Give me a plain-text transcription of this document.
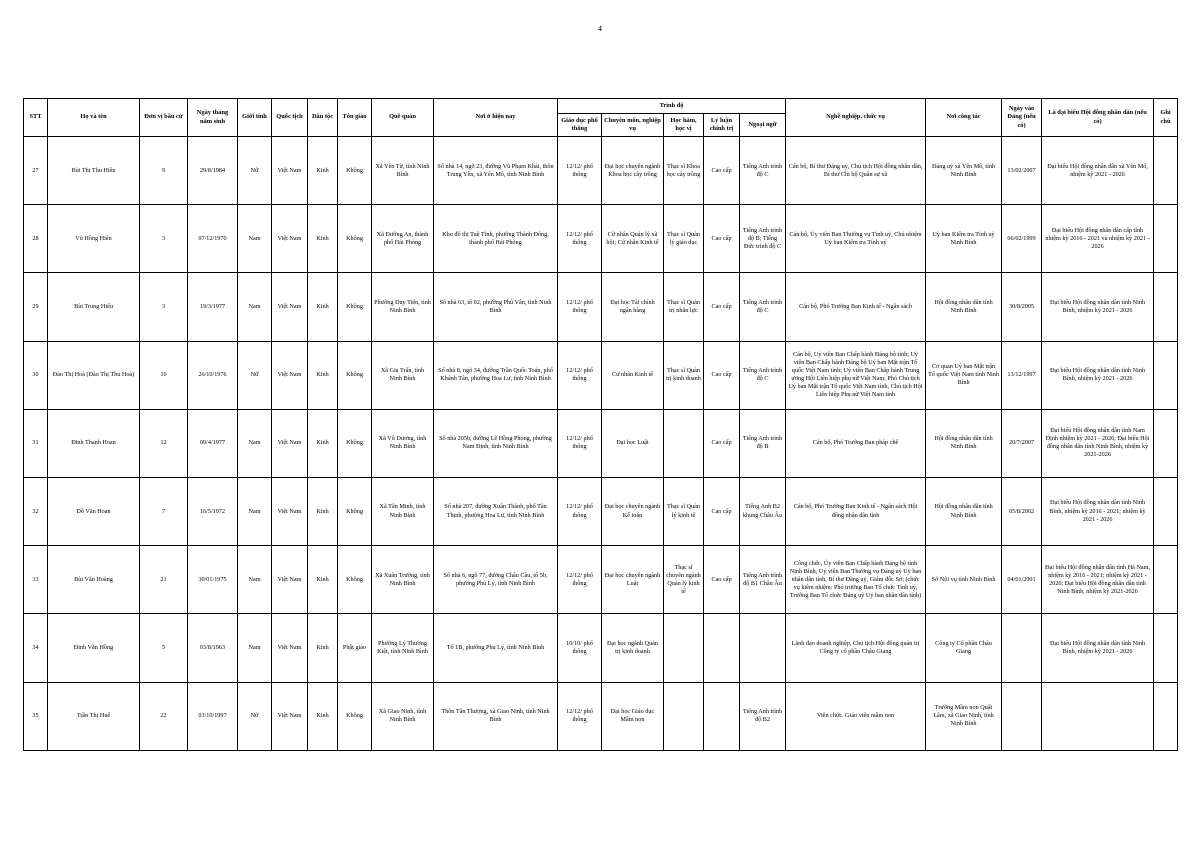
4
STT	Họ và tên	Đơn vị bầu cử	Ngày tháng năm sinh	Giới tính	Quốc tịch	Dân tộc	Tôn giáo	Quê quán	Nơi ở hiện nay	Trình độ					Nghề nghiệp, chức vụ	Nơi công tác	Ngày vào Đảng (nếu có)	Là đại biểu Hội đồng nhân dân (nếu có)	Ghi chú
										Giáo dục phổ thông	Chuyên môn, nghiệp vụ	Học hàm, học vị	Lý luận chính trị	Ngoại ngữ					
27	Bùi Thị Thu Hiền	9	29/8/1984	Nữ	Việt Nam	Kinh	Không	Xã Yên Từ, tỉnh Ninh Bình	Số nhà 14, ngõ 23, đường Vũ Phạm Khải, thôn Trung Yên, xã Yên Mô, tỉnh Ninh Bình	12/12/ phổ thông	Đại học chuyên ngành Khoa học cây trồng	Thạc sĩ Khoa học cây trồng	Cao cấp	Tiếng Anh trình độ C	Cán bộ, Bí thư Đảng uỷ, Chủ tịch Hội đồng nhân dân, Bí thư Chi bộ Quân sự xã	Đảng uỷ xã Yên Mô, tỉnh Ninh Bình	13/02/2007	Đại biểu Hội đồng nhân dân xã Yên Mô, nhiệm kỳ 2021 - 2026	
28	Vũ Hồng Hiên	3	07/12/1970	Nam	Việt Nam	Kinh	Không	Xã Đường An, thành phố Hải Phòng	Khu đô thị Tuệ Tĩnh, phường Thành Đông, thành phố Hải Phòng	12/12/ phổ thông	Cử nhân Quản lý xã hội; Cử nhân Kinh tế	Thạc sĩ Quản lý giáo dục	Cao cấp	Tiếng Anh trình độ B; Tiếng Đức trình độ C	Cán bộ, Ủy viên Ban Thường vụ Tỉnh uỷ, Chủ nhiệm Uỷ ban Kiểm tra Tỉnh uỷ	Uỷ ban Kiểm tra Tỉnh uỷ Ninh Bình	06/02/1999	Đại biểu Hội đồng nhân dân cấp tỉnh nhiệm kỳ 2016 - 2021 và nhiệm kỳ 2021 - 2026	
29	Bùi Trung Hiếu	3	19/3/1977	Nam	Việt Nam	Kinh	Không	Phường Duy Tiên, tỉnh Ninh Bình	Số nhà 63, tổ 02, phường Phù Vân, tỉnh Ninh Bình	12/12/ phổ thông	Đại học Tài chính ngân hàng	Thạc sĩ Quản trị nhân lực	Cao cấp	Tiếng Anh trình độ C	Cán bộ, Phó Trưởng Ban Kinh tế - Ngân sách	Hội đồng nhân dân tỉnh Ninh Bình	30/8/2005	Đại biểu Hội đồng nhân dân tỉnh Ninh Bình, nhiệm kỳ 2021 - 2026	
30	Đào Thị Hoà (Đào Thị Thu Hoà)	10	26/10/1976	Nữ	Việt Nam	Kinh	Không	Xã Gia Trấn, tỉnh Ninh Bình	Số nhà 8, ngõ 34, đường Trần Quốc Toản, phố Khánh Tân, phường Hoa Lư, tỉnh Ninh Bình	12/12/ phổ thông	Cử nhân Kinh tế	Thạc sĩ Quản trị kinh doanh	Cao cấp	Tiếng Anh trình độ C	Cán bộ, Uỷ viên Ban Chấp hành Đảng bộ tỉnh; Uỷ viên Ban Chấp hành Đảng bộ Uỷ ban Mặt trận Tổ quốc Việt Nam tỉnh; Uỷ viên Ban Chấp hành Trung ương Hội Liên hiệp phụ nữ Việt Nam; Phó Chủ tịch Uỷ ban Mặt trận Tổ quốc Việt Nam tỉnh, Chủ tịch Hội Liên hiệp Phụ nữ Việt Nam tỉnh	Cơ quan Uỷ ban Mặt trận Tổ quốc Việt Nam tỉnh Ninh Bình	13/12/1997	Đại biểu Hội đồng nhân dân tỉnh Ninh Bình, nhiệm kỳ 2021 - 2026	
31	Đinh Thanh Hoan	12	09/4/1977	Nam	Việt Nam	Kinh	Không	Xã Vũ Dương, tỉnh Ninh Bình	Số nhà 205b, đường Lê Hồng Phong, phường Nam Định, tỉnh Ninh Bình	12/12/ phổ thông	Đại học Luật		Cao cấp	Tiếng Anh trình độ B	Cán bộ, Phó Trưởng Ban pháp chế	Hội đồng nhân dân tỉnh Ninh Bình	20/7/2007	Đại biểu Hội đồng nhân dân tỉnh Nam Định nhiệm kỳ 2021 - 2026; Đại biểu Hội đồng nhân dân tỉnh Ninh Bình, nhiệm kỳ 2021-2026	
32	Đỗ Văn Hoan	7	16/5/1972	Nam	Việt Nam	Kinh	Không	Xã Tân Minh, tỉnh Ninh Bình	Số nhà 207, đường Xuân Thành, phố Tân Thịnh, phường Hoa Lư, tỉnh Ninh Bình	12/12/ phổ thông	Đại học chuyên ngành Kế toán	Thạc sĩ Quản lý kinh tế	Cao cấp	Tiếng Anh B2 khung Châu Âu	Cán bộ, Phó Trưởng Ban Kinh tế - Ngân sách Hội đồng nhân dân tỉnh	Hội đồng nhân dân tỉnh Ninh Bình	05/8/2002	Đại biểu Hội đồng nhân dân tỉnh Ninh Bình, nhiệm kỳ 2016 - 2021; nhiệm kỳ 2021 - 2026	
33	Bùi Văn Hoàng	21	30/01/1975	Nam	Việt Nam	Kinh	Không	Xã Xuân Trường, tỉnh Ninh Bình	Số nhà 6, ngõ 77, đường Châu Cầu, tổ 5b, phường Phủ Lý, tỉnh Ninh Bình	12/12/ phổ thông	Đại học chuyên ngành Luật	Thạc sĩ chuyên ngành Quản lý kinh tế	Cao cấp	Tiếng Anh trình độ B1 Châu Âu	Công chức, Ủy viên Ban Chấp hành Đảng bộ tỉnh Ninh Bình, Uỷ viên Ban Thường vụ Đảng uỷ Uỷ ban nhân dân tỉnh, Bí thư Đảng uỷ, Giám đốc Sở; (chức vụ kiêm nhiệm: Phó trưởng Ban Tổ chức Tỉnh uỷ, Trưởng Ban Tổ chức Đảng uỷ Uỷ ban nhân dân tỉnh)	Sở Nội vụ tỉnh Ninh Bình	04/01/2001	Đại biểu Hội đồng nhân dân tỉnh Hà Nam, nhiệm kỳ 2016 - 2021; nhiệm kỳ 2021 - 2026; Đại biểu Hội đồng nhân dân tỉnh Ninh Bình, nhiệm kỳ 2021-2026	
34	Đinh Văn Hồng	5	03/8/1963	Nam	Việt Nam	Kinh	Phật giáo	Phường Lý Thường Kiệt, tỉnh Ninh Bình	Tổ 1B, phường Phủ Lý, tỉnh Ninh Bình	10/10/ phổ thông	Đại học ngành Quản trị kinh doanh				Lãnh đạo doanh nghiệp, Chủ tịch Hội đồng quản trị Công ty cổ phần Châu Giang	Công ty Cổ phần Châu Giang		Đại biểu Hội đồng nhân dân tỉnh Ninh Bình, nhiệm kỳ 2021 - 2026	
35	Trần Thị Huế	22	03/10/1997	Nữ	Việt Nam	Kinh	Không	Xã Giao Ninh, tỉnh Ninh Bình	Thôn Tân Thượng, xã Giao Ninh, tỉnh Ninh Bình	12/12/ phổ thông	Đại học Giáo dục Mầm non			Tiếng Anh trình độ B2	Viên chức. Giáo viên mầm non	Trường Mầm non Quất Lâm, xã Giao Ninh, tỉnh Ninh Bình			
